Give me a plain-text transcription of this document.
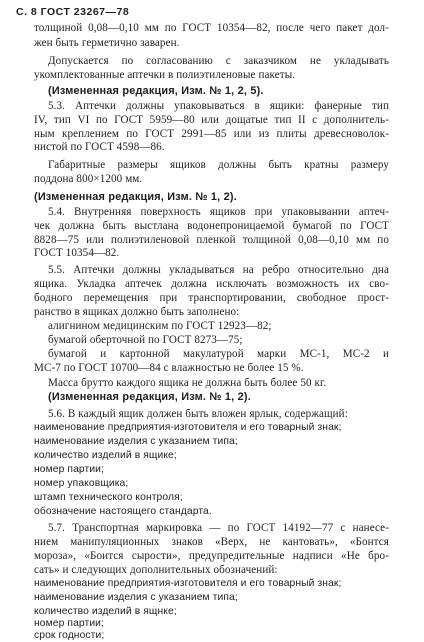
С. 8 ГОСТ 23267—78
толщиной 0,08—0,10 мм по ГОСТ 10354—82, после чего пакет дол-
жен быть герметично заварен.
Допускается по согласованию с заказчиком не укладывать
укомплектованные аптечки в полиэтиленовые пакеты.
(Измененная редакция, Изм. № 1, 2, 5).
5.3. Аптечки должны упаковываться в ящики: фанерные тип
IV, тип VI по ГОСТ 5959—80 или дощатые тип II с дополнитель-
ным креплением по ГОСТ 2991—85 или из плиты древесноволок-
нистой по ГОСТ 4598—86.
Габаритные размеры ящиков должны быть кратны размеру
поддона 800×1200 мм.
(Измененная редакция, Изм. № 1, 2).
5.4. Внутренняя поверхность ящиков при упаковывании аптеч-
чек должна быть выстлана водонепроницаемой бумагой по ГОСТ
8828—75 или полиэтиленовой пленкой толщиной 0,08—0,10 мм по
ГОСТ 10354—82.
5.5. Аптечки должны укладываться на ребро относительно дна
ящика. Укладка аптечек должна исключать возможность их сво-
бодного перемещения при транспортировании, свободное прост-
ранство в ящиках должно быть заполнено:
алигнином медицинским по ГОСТ 12923—82;
бумагой оберточной по ГОСТ 8273—75;
бумагой и картонной макулатурой марки МС-1, МС-2 и
МС-7 по ГОСТ 10700—84 с влажностью не более 15 %.
Масса брутто каждого ящика не должна быть более 50 кг.
(Измененная редакция, Изм. № 1, 2).
5.6. В каждый ящик должен быть вложен ярлык, содержащий:
наименование предприятия-изготовителя и его товарный знак;
наименование изделия с указанием типа;
количество изделий в ящике;
номер партии;
номер упаковщика;
штамп технического контроля;
обозначение настоящего стандарта.
5.7. Транспортная маркировка — по ГОСТ 14192—77 с нанесе-
нием манипуляционных знаков «Верх, не кантовать», «Бонтся
мороза», «Боится сырости», предупредительные надписи «Не бро-
сать» и следующих дополнительных обозначений:
наименование предприятия-изготовителя и его товарный знак;
наименование изделия с указанием типа;
количество изделий в ящнке;
номер партии;
срок годности;
